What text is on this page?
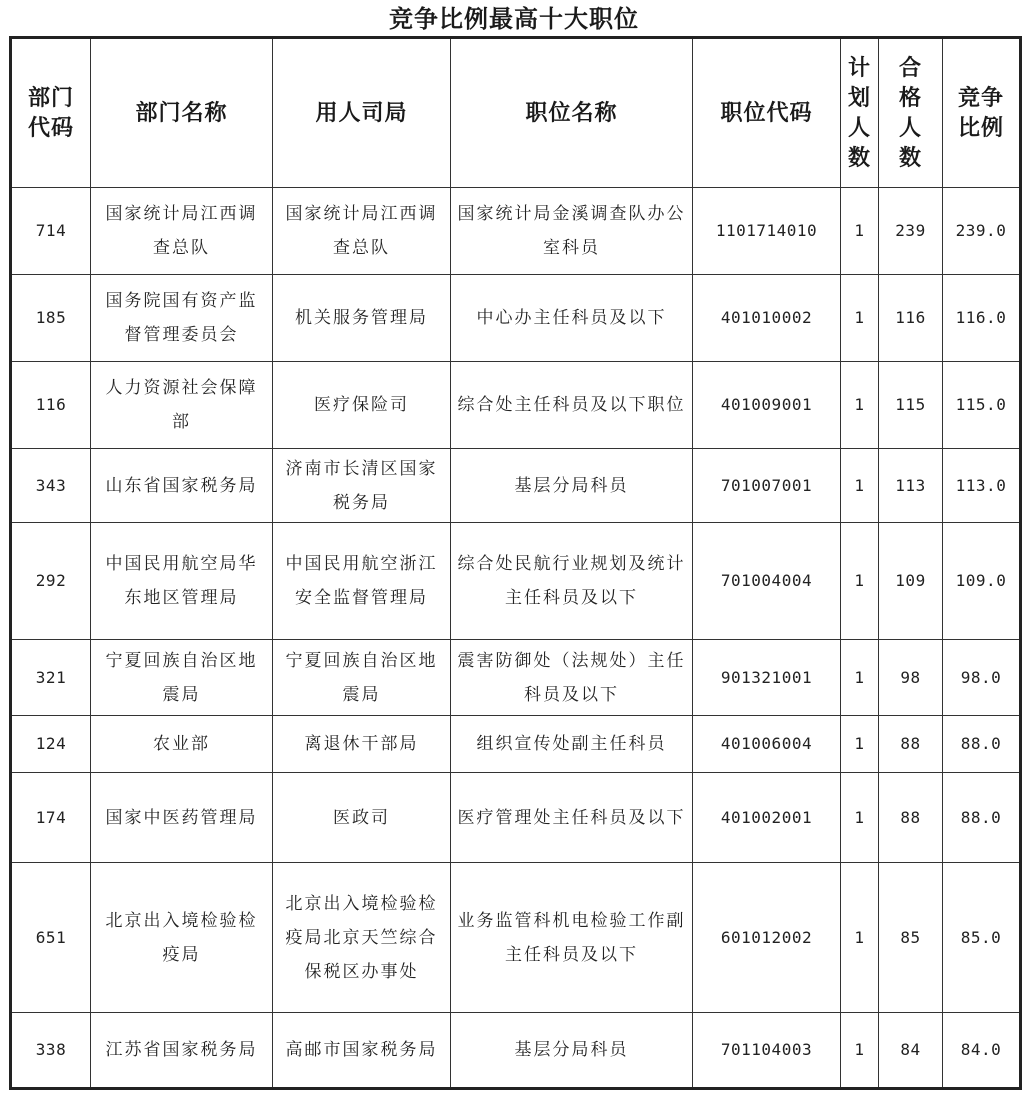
竞争比例最高十大职位
部门代码	部门名称	用人司局	职位名称	职位代码	计划人数	合格人数	竞争比例
714	国家统计局江西调查总队	国家统计局江西调查总队	国家统计局金溪调查队办公室科员	1101714010	1	239	239.0
185	国务院国有资产监督管理委员会	机关服务管理局	中心办主任科员及以下	401010002	1	116	116.0
116	人力资源社会保障部	医疗保险司	综合处主任科员及以下职位	401009001	1	115	115.0
343	山东省国家税务局	济南市长清区国家税务局	基层分局科员	701007001	1	113	113.0
292	中国民用航空局华东地区管理局	中国民用航空浙江安全监督管理局	综合处民航行业规划及统计主任科员及以下	701004004	1	109	109.0
321	宁夏回族自治区地震局	宁夏回族自治区地震局	震害防御处（法规处）主任科员及以下	901321001	1	98	98.0
124	农业部	离退休干部局	组织宣传处副主任科员	401006004	1	88	88.0
174	国家中医药管理局	医政司	医疗管理处主任科员及以下	401002001	1	88	88.0
651	北京出入境检验检疫局	北京出入境检验检疫局北京天竺综合保税区办事处	业务监管科机电检验工作副主任科员及以下	601012002	1	85	85.0
338	江苏省国家税务局	高邮市国家税务局	基层分局科员	701104003	1	84	84.0
